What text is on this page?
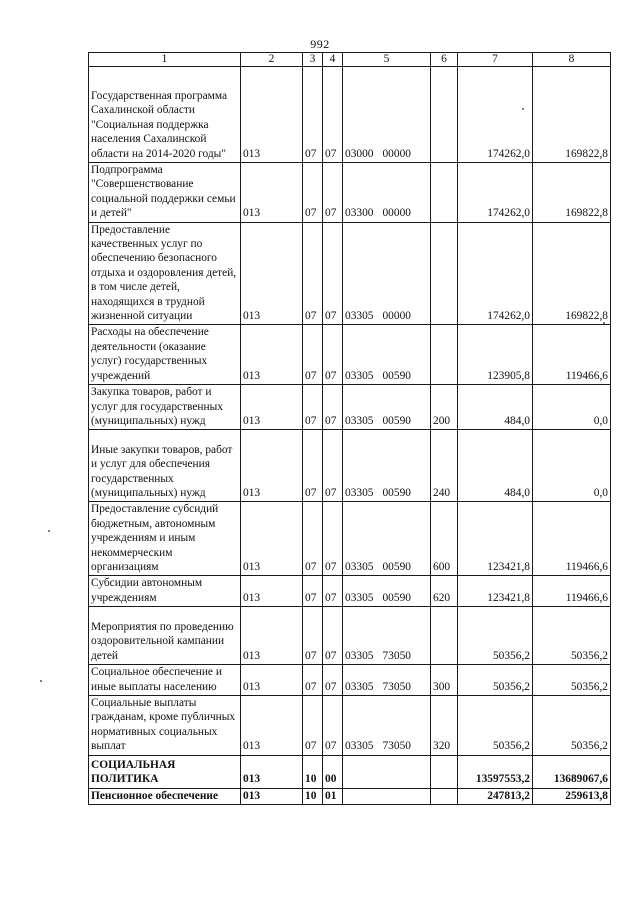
992
1	2	3	4	5	6	7	8
Государственная программа Сахалинской области "Социальная поддержка населения Сахалинской области на 2014-2020 годы"	013	07	07	03000 00000		174262,0	169822,8
Подпрограмма "Совершенствование социальной поддержки семьи и детей"	013	07	07	03300 00000		174262,0	169822,8
Предоставление качественных услуг по обеспечению безопасного отдыха и оздоровления детей, в том числе детей, находящихся в трудной жизненной ситуации	013	07	07	03305 00000		174262,0	169822,8
Расходы на обеспечение деятельности (оказание услуг) государственных учреждений	013	07	07	03305 00590		123905,8	119466,6
Закупка товаров, работ и услуг для государственных (муниципальных) нужд	013	07	07	03305 00590	200	484,0	0,0
Иные закупки товаров, работ и услуг для обеспечения государственных (муниципальных) нужд	013	07	07	03305 00590	240	484,0	0,0
Предоставление субсидий бюджетным, автономным учреждениям и иным некоммерческим организациям	013	07	07	03305 00590	600	123421,8	119466,6
Субсидии автономным учреждениям	013	07	07	03305 00590	620	123421,8	119466,6
Мероприятия по проведению оздоровительной кампании детей	013	07	07	03305 73050		50356,2	50356,2
Социальное обеспечение и иные выплаты населению	013	07	07	03305 73050	300	50356,2	50356,2
Социальные выплаты гражданам, кроме публичных нормативных социальных выплат	013	07	07	03305 73050	320	50356,2	50356,2
СОЦИАЛЬНАЯ ПОЛИТИКА	013	10	00			13597553,2	13689067,6
Пенсионное обеспечение	013	10	01			247813,2	259613,8
